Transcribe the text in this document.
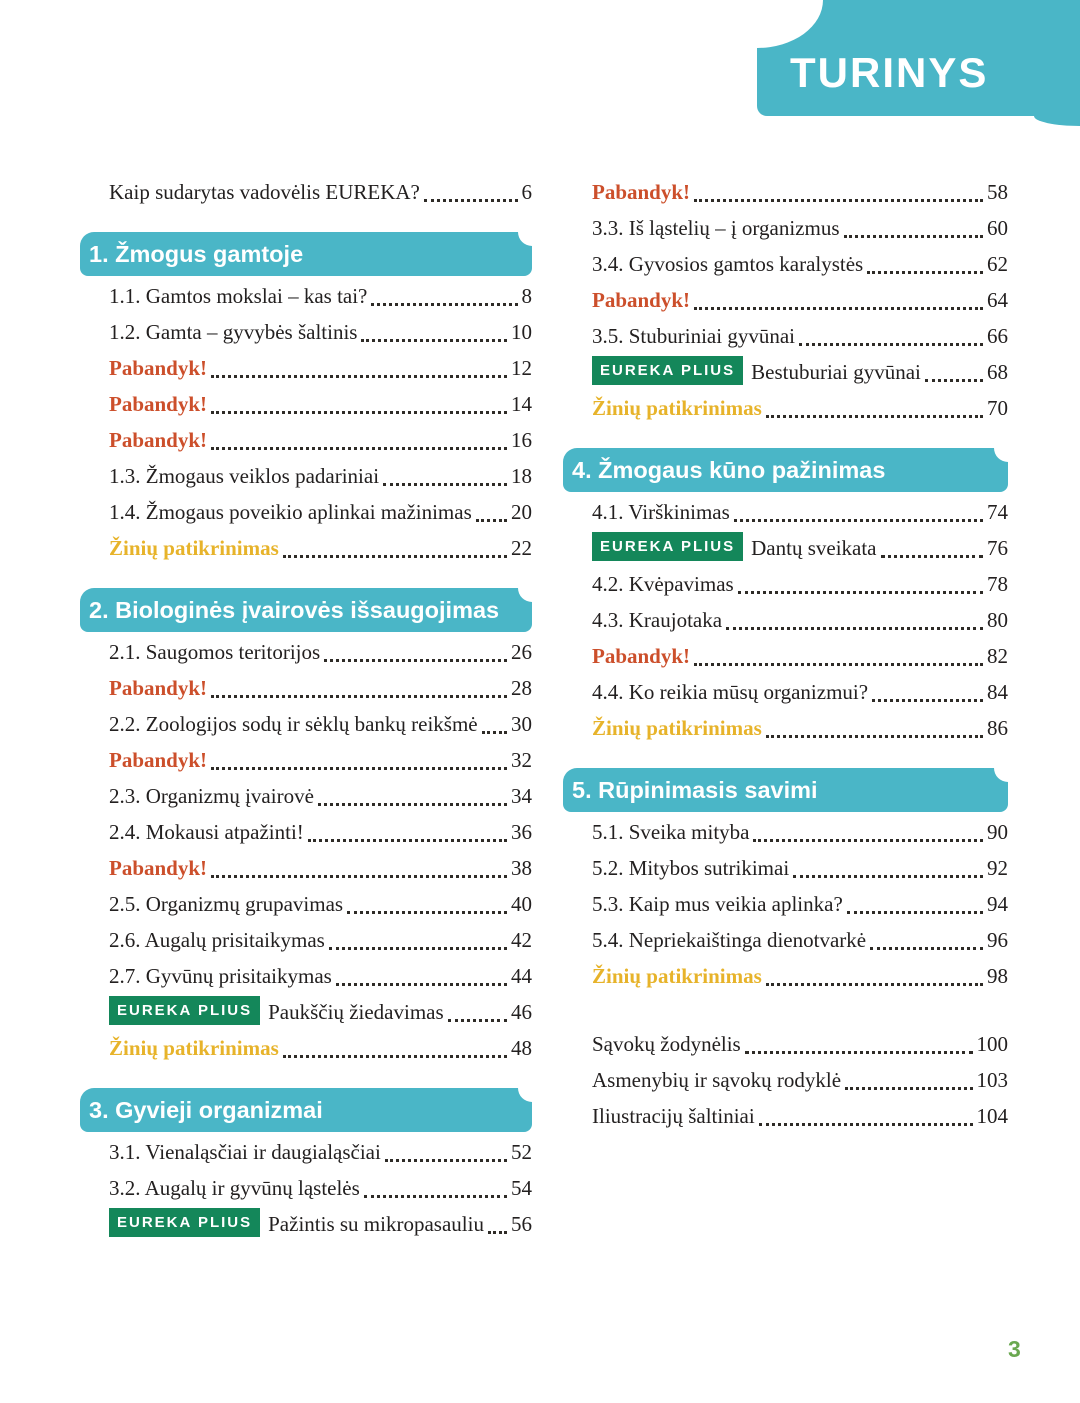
TURINYS
Kaip sudarytas vadovėlis EUREKA?	6
1. Žmogus gamtoje
1.1. Gamtos mokslai – kas tai?	8
1.2. Gamta – gyvybės šaltinis	10
Pabandyk!	12
Pabandyk!	14
Pabandyk!	16
1.3. Žmogaus veiklos padariniai	18
1.4. Žmogaus poveikio aplinkai mažinimas 20
Žinių patikrinimas	22
2. Biologinės įvairovės išsaugojimas
2.1. Saugomos teritorijos	26
Pabandyk!	28
2.2. Zoologijos sodų ir sėklų bankų reikšmė 30
Pabandyk!	32
2.3. Organizmų įvairovė	34
2.4. Mokausi atpažinti!	36
Pabandyk!	38
2.5. Organizmų grupavimas	40
2.6. Augalų prisitaikymas	42
2.7. Gyvūnų prisitaikymas	44
EUREKA PLIUS Paukščių žiedavimas	46
Žinių patikrinimas	48
3. Gyvieji organizmai
3.1. Vienaląsčiai ir daugialąsčiai	52
3.2. Augalų ir gyvūnų ląstelės	54
EUREKA PLIUS Pažintis su mikropasauliu 56
Pabandyk!	58
3.3. Iš ląstelių – į organizmus	60
3.4. Gyvosios gamtos karalystės	62
Pabandyk!	64
3.5. Stuburiniai gyvūnai	66
EUREKA PLIUS Bestuburiai gyvūnai	68
Žinių patikrinimas	70
4. Žmogaus kūno pažinimas
4.1. Virškinimas	74
EUREKA PLIUS Dantų sveikata	76
4.2. Kvėpavimas	78
4.3. Kraujotaka	80
Pabandyk!	82
4.4. Ko reikia mūsų organizmui?	84
Žinių patikrinimas	86
5. Rūpinimasis savimi
5.1. Sveika mityba	90
5.2. Mitybos sutrikimai	92
5.3. Kaip mus veikia aplinka?	94
5.4. Nepriekaištinga dienotvarkė	96
Žinių patikrinimas	98
Sąvokų žodynėlis	100
Asmenybių ir sąvokų rodyklė	103
Iliustracijų šaltiniai	104
3
